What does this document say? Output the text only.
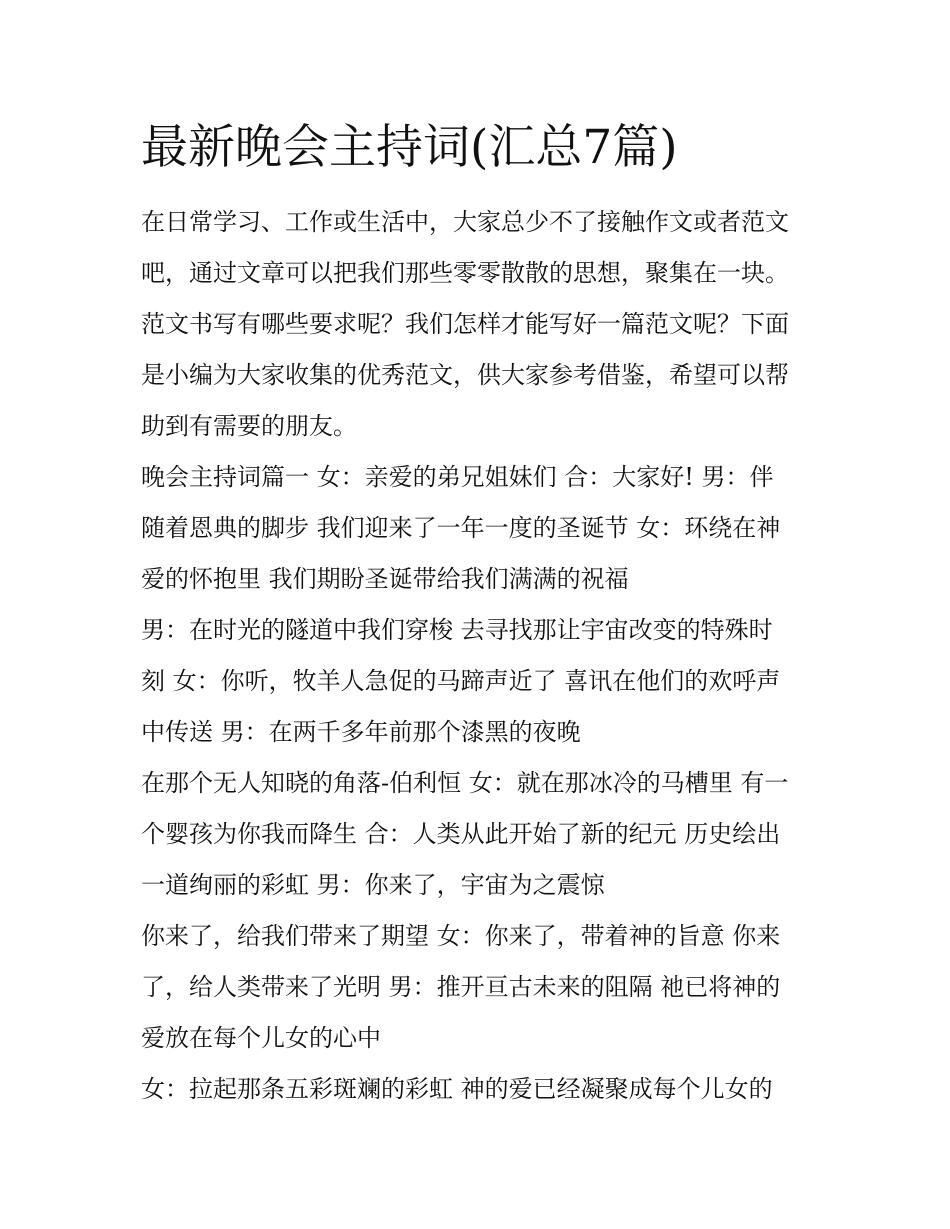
最新晚会主持词(汇总7篇)
在日常学习、工作或生活中，大家总少不了接触作文或者范文
吧，通过文章可以把我们那些零零散散的思想，聚集在一块。
范文书写有哪些要求呢？我们怎样才能写好一篇范文呢？下面
是小编为大家收集的优秀范文，供大家参考借鉴，希望可以帮
助到有需要的朋友。
晚会主持词篇一 女：亲爱的弟兄姐妹们 合：大家好! 男：伴
随着恩典的脚步 我们迎来了一年一度的圣诞节 女：环绕在神
爱的怀抱里 我们期盼圣诞带给我们满满的祝福
男：在时光的隧道中我们穿梭 去寻找那让宇宙改变的特殊时
刻 女：你听，牧羊人急促的马蹄声近了 喜讯在他们的欢呼声
中传送 男：在两千多年前那个漆黑的夜晚
在那个无人知晓的角落-伯利恒 女：就在那冰冷的马槽里 有一
个婴孩为你我而降生 合：人类从此开始了新的纪元 历史绘出
一道绚丽的彩虹 男：你来了，宇宙为之震惊
你来了，给我们带来了期望 女：你来了，带着神的旨意 你来
了，给人类带来了光明 男：推开亘古未来的阻隔 祂已将神的
爱放在每个儿女的心中
女：拉起那条五彩斑斓的彩虹 神的爱已经凝聚成每个儿女的
